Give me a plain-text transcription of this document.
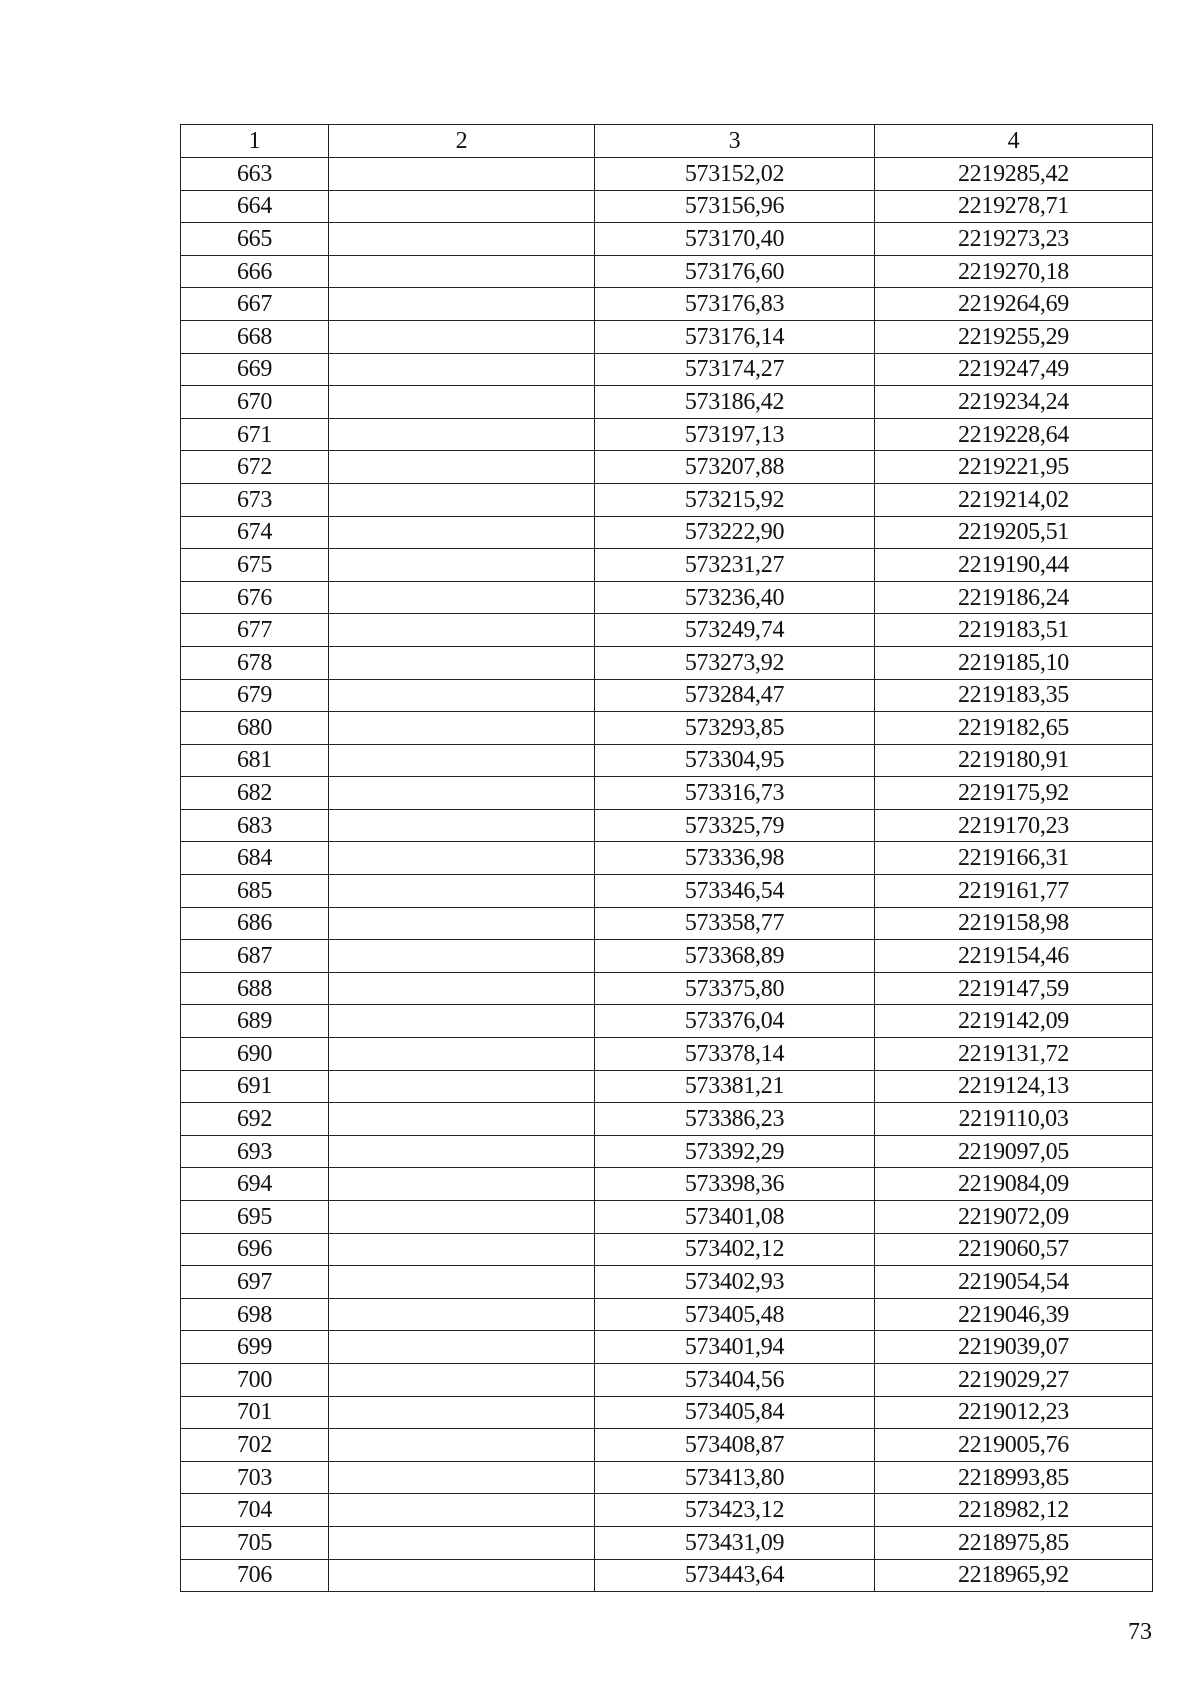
1	2	3	4
663		573152,02	2219285,42
664		573156,96	2219278,71
665		573170,40	2219273,23
666		573176,60	2219270,18
667		573176,83	2219264,69
668		573176,14	2219255,29
669		573174,27	2219247,49
670		573186,42	2219234,24
671		573197,13	2219228,64
672		573207,88	2219221,95
673		573215,92	2219214,02
674		573222,90	2219205,51
675		573231,27	2219190,44
676		573236,40	2219186,24
677		573249,74	2219183,51
678		573273,92	2219185,10
679		573284,47	2219183,35
680		573293,85	2219182,65
681		573304,95	2219180,91
682		573316,73	2219175,92
683		573325,79	2219170,23
684		573336,98	2219166,31
685		573346,54	2219161,77
686		573358,77	2219158,98
687		573368,89	2219154,46
688		573375,80	2219147,59
689		573376,04	2219142,09
690		573378,14	2219131,72
691		573381,21	2219124,13
692		573386,23	2219110,03
693		573392,29	2219097,05
694		573398,36	2219084,09
695		573401,08	2219072,09
696		573402,12	2219060,57
697		573402,93	2219054,54
698		573405,48	2219046,39
699		573401,94	2219039,07
700		573404,56	2219029,27
701		573405,84	2219012,23
702		573408,87	2219005,76
703		573413,80	2218993,85
704		573423,12	2218982,12
705		573431,09	2218975,85
706		573443,64	2218965,92
73
